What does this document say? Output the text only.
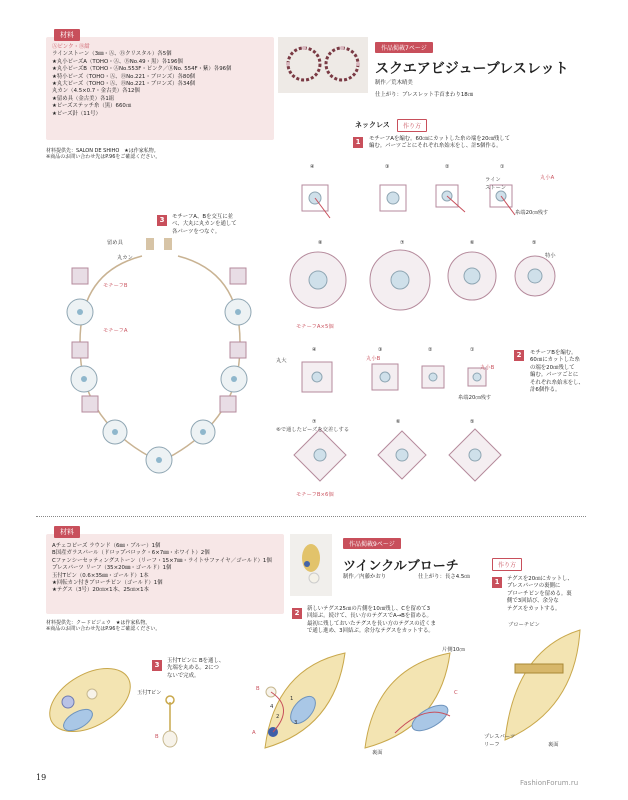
材料
Ⓐピンク・Ⓑ紺
ラインストーン（3㎜・Ⓐ、Ⓑクリスタル）各5個
★丸小ビーズA（TOHO・Ⓐ、ⒷNo.49・黒）各196個
★丸小ビーズB（TOHO・ⒶNo.553F・ピンク／ⒷNo. 554F・紫）各96個
★特小ビーズ（TOHO・Ⓐ、ⒷNo.221・ブロンズ）各80個
★丸大ビーズ（TOHO・Ⓐ、ⒷNo.221・ブロンズ）各34個
丸カン（4.5×0.7・金古美）各12個
★留め具（金古美）各1組
★ビーズステッチ糸（黒）660㎝
★ビーズ針（11号）
材料提供先：SALON DE SHIHO　★は作家私物。
※商品のお問い合わせ先はP.96をご確認ください。
作品掲載7ページ
スクエアビジューブレスレット
制作／荒木晴美
仕上がり：ブレスレット手首まわり18㎝
ネックレス	作り方
1	モチーフAを編む。60㎝にカットした糸の端を20㎝残して
編む。パーツごとにそれぞれ糸始末をし、計5個作る。
3	モチーフA、Bを交互に並
べ、大丸に丸カンを通して
各パーツをつなぐ。
留め具
丸カン
モチーフB
モチーフA
④	③	②	①
ライン
ストーン
丸小A
糸端20㎝残す
⑧	⑦	⑥	⑤
特小
モチーフA×5個
丸大
④	③	②	①
丸小B
丸小B
糸端20㎝残す
2	モチーフBを編む。
60㎝にカットした糸
の端を20㎝残して
編む。パーツごとに
それぞれ糸始末をし、
計6個作る。
⑥で通したビーズを交差しする
⑦	⑥	⑤
モチーフB×6個
材料
Aチェコビーズ ラウンド（6㎜・ブルー）1個
B国産ガラスパール（ドロップバロック・6×7㎜・ホワイト）2個
Cファンシーセッティングストーン（リーフ・15×7㎜・ライトサファイヤ／ゴールド）1個
プレスパーツ リーフ（35×20㎜・ゴールド）1個
玉付Tピン（0.6×35㎜・ゴールド）1本
★回転カン付きブローチピン（ゴールド）1個
★テグス（3号）20㎝×1本、25㎝×1本
材料提供先：クードビジュウ　★は作家私物。
※商品のお問い合わせ先はP.96をご確認ください。
作品掲載9ページ
ツインクルブローチ
制作／内藤かおり	仕上がり：長さ4.5㎝
作り方
1	テグスを20㎝にカットし、
プレスパーツの裏側に
ブローチピンを留める。裏
側で3回結び、余分な
テグスをカットする。
2	新しいテグス25㎝の片側を10㎝残し、Cを留めて3
回結ぶ。続けて、長い方のテグスでA→Bを留める。
最初に残しておいたテグスを長い方のテグスの近くま
で通し進め、3回結ぶ。余分なテグスをカットする。
3	玉付Tピンに Bを通し、
先端を丸める。2につ
ないで完成。
玉付Tピン
B
A
B
1
2
3
4
片側10㎝
C
裏面
ブローチピン
プレスパーツ
リーフ	裏面
19
FashionForum.ru
